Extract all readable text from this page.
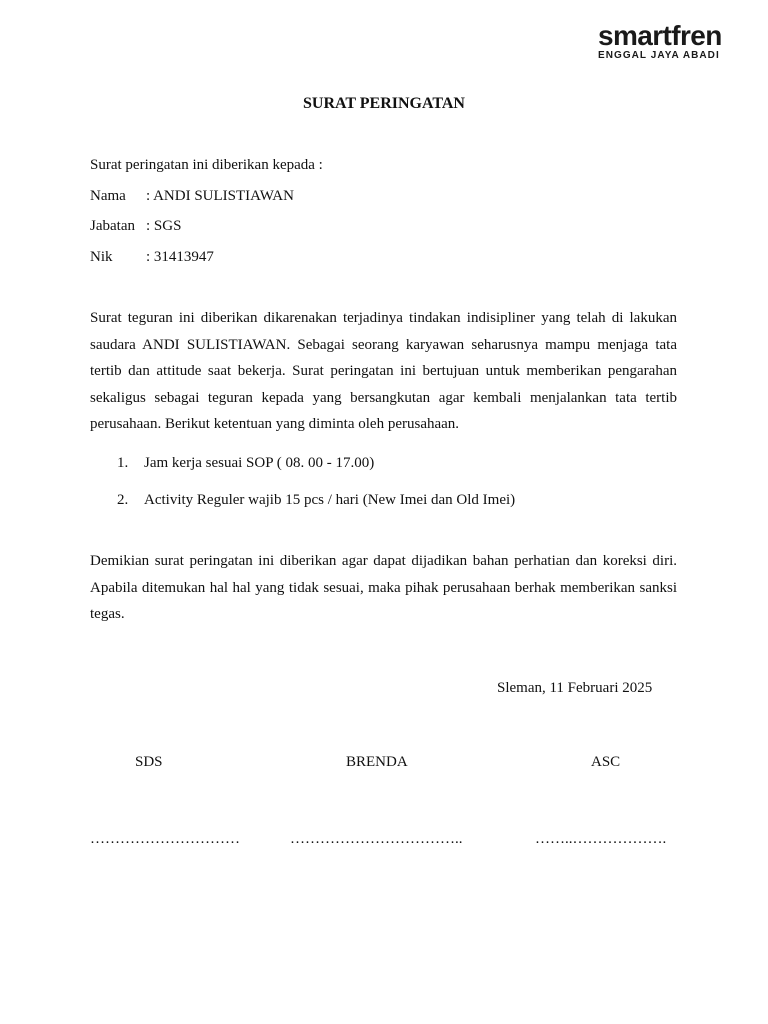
smartfren
ENGGAL JAYA ABADI
SURAT PERINGATAN
Surat peringatan ini diberikan kepada :
Nama : ANDI SULISTIAWAN
Jabatan : SGS
Nik : 31413947

Surat teguran ini diberikan dikarenakan terjadinya tindakan indisipliner yang telah di lakukan saudara ANDI SULISTIAWAN. Sebagai seorang karyawan seharusnya mampu menjaga tata tertib dan attitude saat bekerja. Surat peringatan ini bertujuan untuk memberikan pengarahan sekaligus sebagai teguran kepada yang bersangkutan agar kembali menjalankan tata tertib perusahaan. Berikut ketentuan yang diminta oleh perusahaan.

1. Jam kerja sesuai SOP ( 08. 00 - 17.00)
2. Activity Reguler wajib 15 pcs / hari (New Imei dan Old Imei)

Demikian surat peringatan ini diberikan agar dapat dijadikan bahan perhatian dan koreksi diri. Apabila ditemukan hal hal yang tidak sesuai, maka pihak perusahaan berhak memberikan sanksi tegas.

Sleman, 11 Februari 2025
SDS	BRENDA	ASC
…………………………	……………………………..	……..……………….
